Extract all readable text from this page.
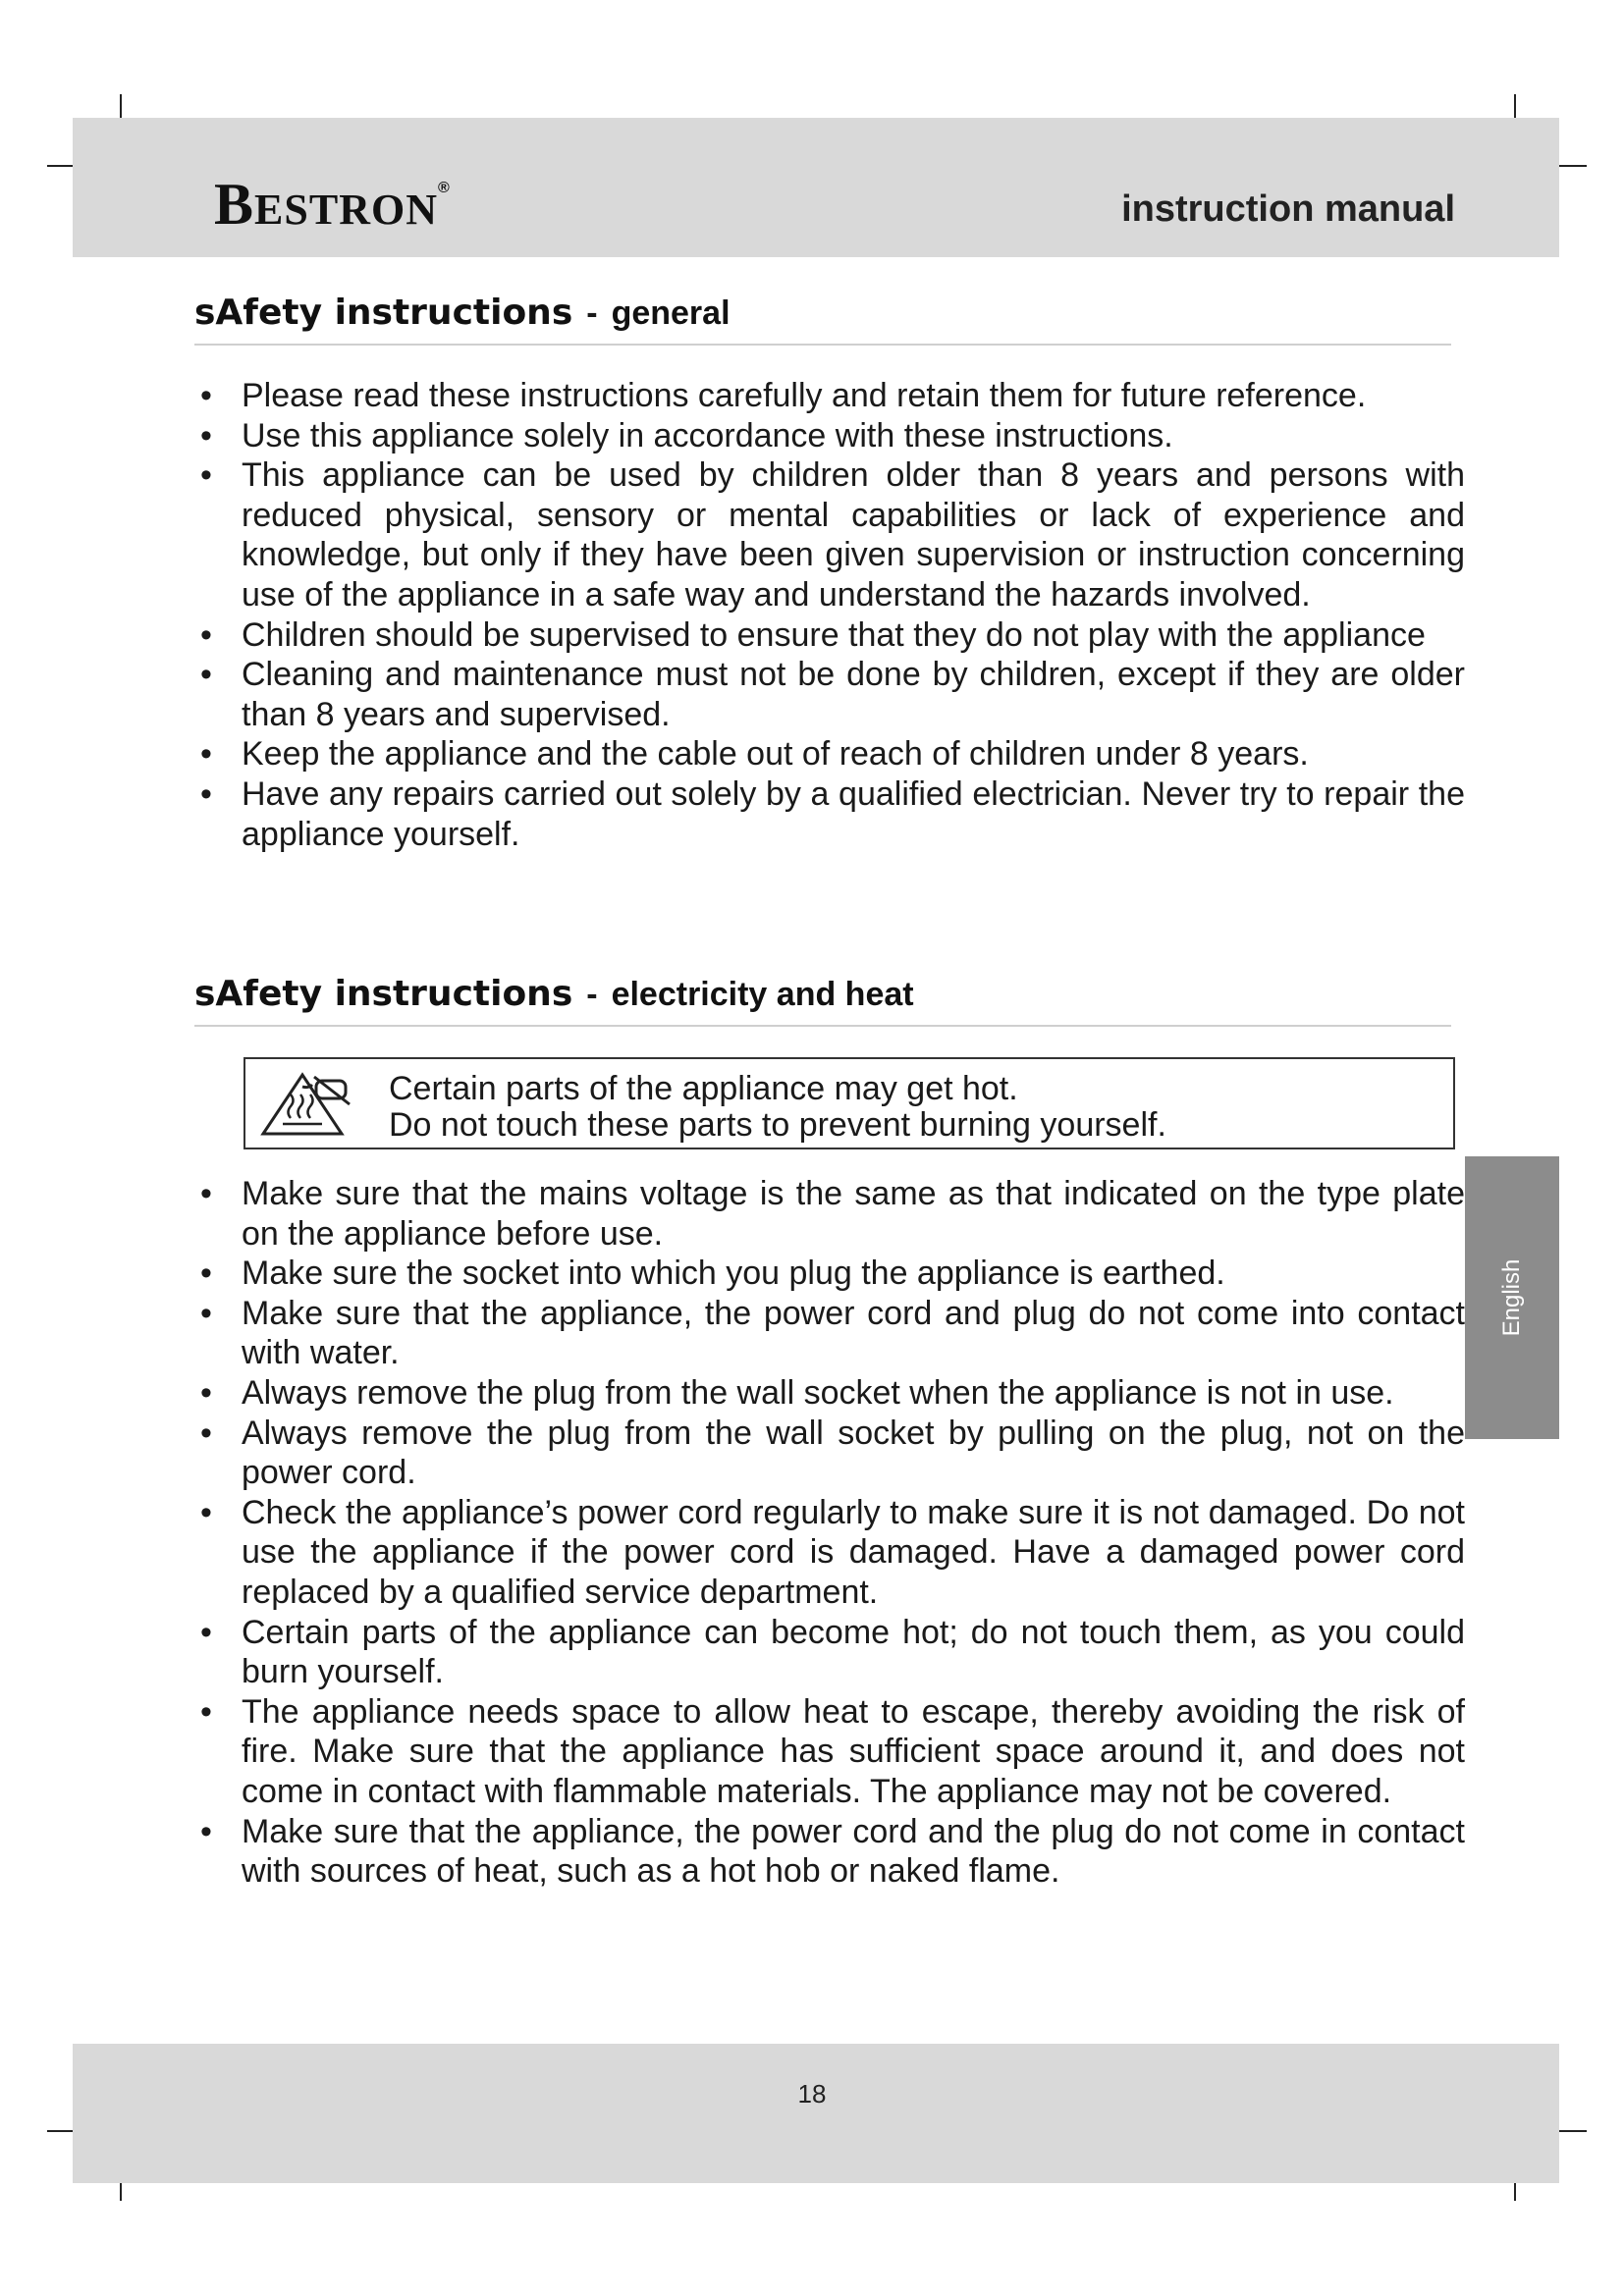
BESTRON®
instruction manual
sAfety instructions - general
• Please read these instructions carefully and retain them for future reference.
• Use this appliance solely in accordance with these instructions.
• This appliance can be used by children older than 8 years and persons with reduced physical, sensory or mental capabilities or lack of experience and knowledge, but only if they have been given supervision or instruction concerning use of the appliance in a safe way and understand the hazards involved.
• Children should be supervised to ensure that they do not play with the appliance
• Cleaning and maintenance must not be done by children, except if they are older than 8 years and supervised.
• Keep the appliance and the cable out of reach of children under 8 years.
• Have any repairs carried out solely by a qualified electrician. Never try to repair the appliance yourself.
sAfety instructions - electricity and heat
Certain parts of the appliance may get hot.
Do not touch these parts to prevent burning yourself.
• Make sure that the mains voltage is the same as that indicated on the type plate on the appliance before use.
• Make sure the socket into which you plug the appliance is earthed.
• Make sure that the appliance, the power cord and plug do not come into contact with water.
• Always remove the plug from the wall socket when the appliance is not in use.
• Always remove the plug from the wall socket by pulling on the plug, not on the power cord.
• Check the appliance’s power cord regularly to make sure it is not damaged. Do not use the appliance if the power cord is damaged. Have a damaged power cord replaced by a qualified service department.
• Certain parts of the appliance can become hot; do not touch them, as you could burn yourself.
• The appliance needs space to allow heat to escape, thereby avoiding the risk of fire. Make sure that the appliance has sufficient space around it, and does not come in contact with flammable materials. The appliance may not be covered.
• Make sure that the appliance, the power cord and the plug do not come in contact with sources of heat, such as a hot hob or naked flame.
English
18
